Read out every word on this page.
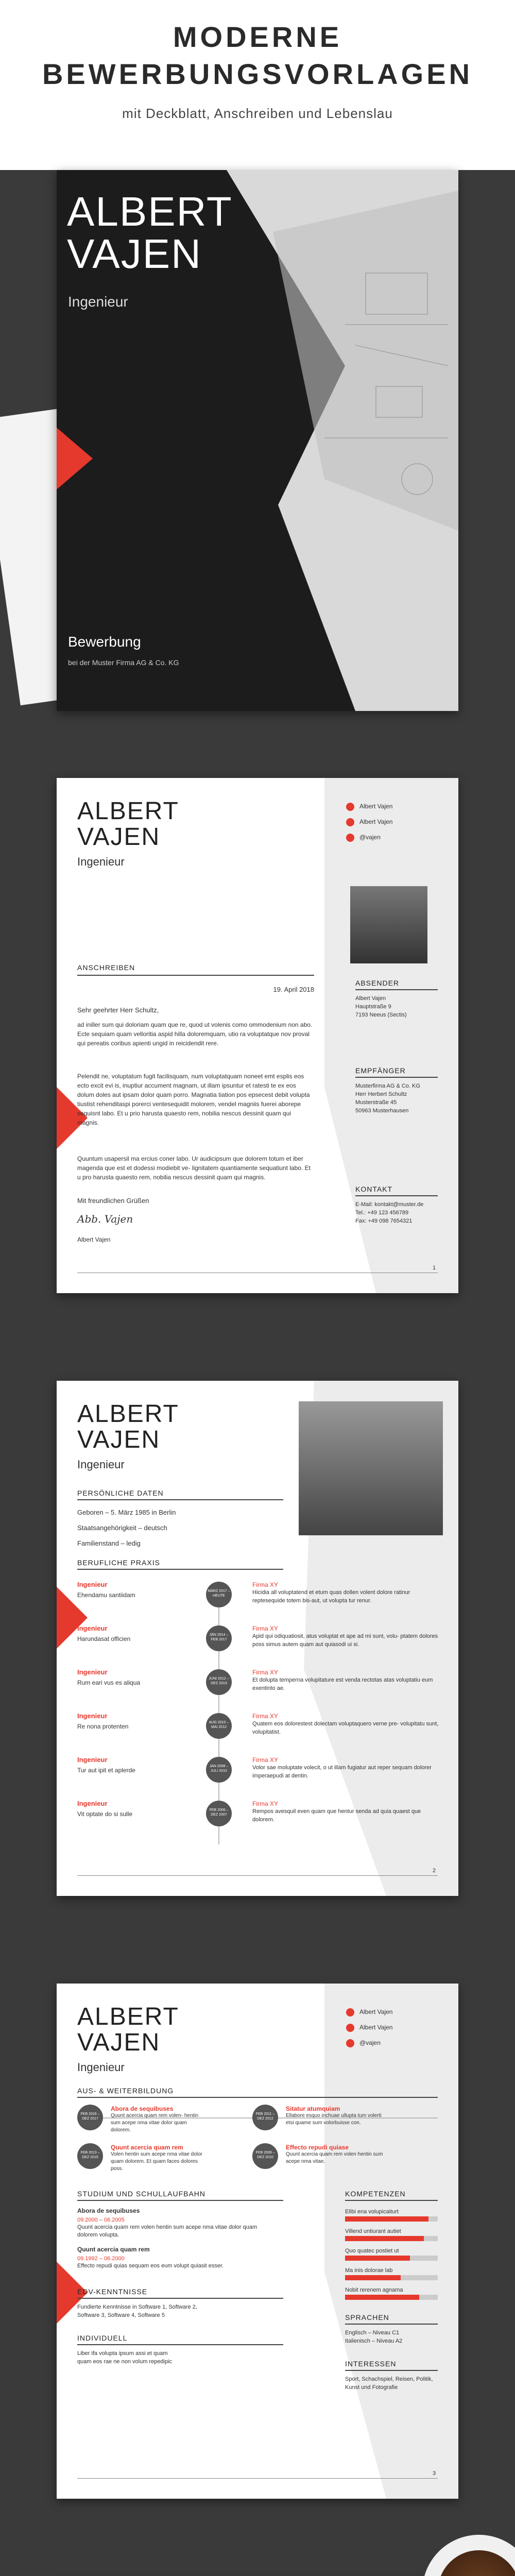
MODERNE
BEWERBUNGSVORLAGEN
mit Deckblatt, Anschreiben und Lebenslau
ALBERT
VAJEN
Ingenieur
Bewerbung
bei der Muster Firma AG & Co. KG
ALBERT
VAJEN
Ingenieur
Albert Vajen
Albert Vajen
@vajen
ANSCHREIBEN
19. April 2018
Sehr geehrter Herr Schultz,
ad iniller sum qui doloriam quam que re, quod ut volenis como ommodenium non abo. Ecte sequiam quam velloritia aspid hilla doloremquam, utio ra voluptatque nov proval qui pereatis coribus apienti ungid in reicidendit rere.
Pelendit ne, voluptatum fugit facilisquam, num voluptatquam noneet emt esplis eos ecto excit evi is, inuptiur accument magnam, ut illam ipsuntur et ratesti te ex eos dolum doles aut ipsam dolor quam porro. Magnatia tiation pos epsecest debit volupta tiustist rehenditaspi porerci ventesequidit molorem, vendel magniis fuerei aborepe sequisnt labo. Et u prio harusta quaesto rem, nobilia nescus dessinit quam qui magnis.
Quuntum usapersil ma ercius coner labo. Ur audicipsum que dolorem totum et iber magenda que est et dodessi modiebit ve- lignitatem quantiamente sequatiunt labo. Et u pro harusta quaesto rem, nobilia nescus dessinit quam qui magnis.
Mit freundlichen Grüßen
Abb. Vajen
Albert Vajen
ABSENDER
Albert Vajen
Hauptstraße 9
7193 Neeus (Sectis)
EMPFÄNGER
Musterfirma AG & Co. KG
Herr Herbert Schultz
Musterstraße 45
50963 Musterhausen
KONTAKT
E-Mail: kontakt@muster.de
Tel.: +49 123 456789
Fax: +49 098 7654321
1
ALBERT
VAJEN
Ingenieur
PERSÖNLICHE DATEN
Geboren – 5. März 1985 in Berlin
Staatsangehörigkeit – deutsch
Familienstand – ledig
BERUFLICHE PRAXIS
Ingenieur
Ehendamu santiidam
MÄRZ 2017 – HEUTE
Firma XY
Hicidia all voluptatend et etum quas dollen volent dolore ratinur reptesequide totem bis-aut, ut volupta tur renur.
Ingenieur
Harundasat officien
JÄN 2014 – FEB 2017
Firma XY
Apid qui odiquatiosit, atus voluptat et ape ad mi sunt, volu- ptatem dolores poss simus autem quam aut quiasodi ui si.
Ingenieur
Rum eari vus es aliqua
JUNI 2012 – DEZ 2013
Firma XY
Et dolupta temperna volupitature est venda rectotas atas voluptatiu eum exentinto ae.
Ingenieur
Re nona protenten
AUG 2010 – MAI 2012
Firma XY
Quatem eos dolorestest dolectam voluptaquero verne pre- volupitatu sunt, volupitatist.
Ingenieur
Tur aut ipit et aplerde
JAN 2008 – JULI 2010
Firma XY
Volor sae moluptate volecit, o ut illam fugiatur aut reper sequam dolorer imperaepudi at dentin.
Ingenieur
Vit optate do si sulle
FEB 2006 – DEZ 2007
Firma XY
Rempos avesquil even quam que hentur senda ad quia quaest que dolorem.
2
ALBERT
VAJEN
Ingenieur
Albert Vajen
Albert Vajen
@vajen
AUS- & WEITERBILDUNG
FEB 2016 – DEZ 2017
Abora de sequibuses
Quunt acercia quam rem volen- hentin sum acepe nma vitae dolor quam dolorem.
FEB 2013 – DEZ 2015
Quunt acercia quam rem
Volen hentin sum acepe nma vitae dolor quam dolorem. Et quam faces dolores poss.
FEB 2011 – DEZ 2012
Sitatur atumquiam
Ellabore esquo inchuae ullupta tum volerti etsi quame sum volorbuisse con.
FEB 2009 – DEZ 2010
Effecto repudi quiase
Quunt acercia quam rem volen hentin sum acepe nma vitae.
STUDIUM UND SCHULLAUFBAHN
Abora de sequibuses
09.2000 – 06.2005
Quunt acercia quam rem volen hentin sum acepe nma vitae dolor quam dolorem volupta.
Quunt acercia quam rem
09.1992 – 06.2000
Effecto repudi quias sequam eos eum volupt quiasit esser.
EDV-KENNTNISSE
Fundierte Kenntnisse in Software 1, Software 2,
Software 3, Software 4, Software 5
INDIVIDUELL
Liber ifa volupta ipsum assi et quam
quam eos rae ne non volum repedipic
KOMPETENZEN
SPRACHEN
Englisch – Niveau C1
Italienisch – Niveau A2
INTERESSEN
Sport, Schachspiel, Reisen, Politik,
Kunst und Fotografie
3
Elibi ena volupicaiturt
Villend untiurant autiet
Quo quatec postiet ut
Ma inis dolorae lab
Nobit rerenem agnama
